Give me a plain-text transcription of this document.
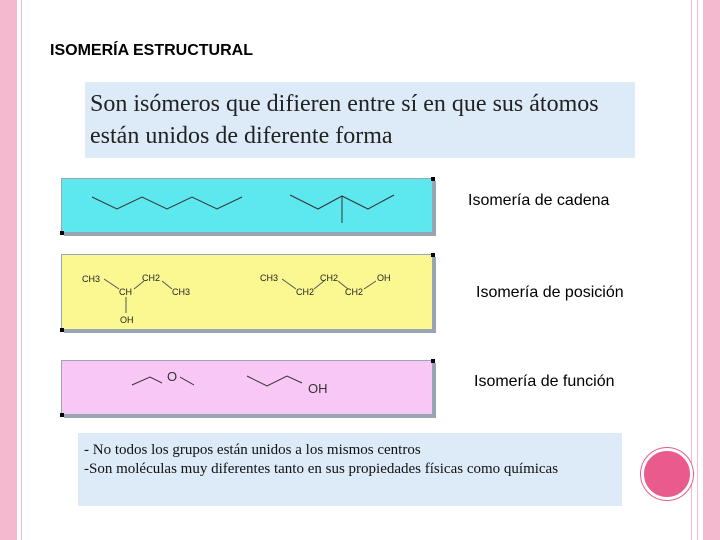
ISOMERÍA ESTRUCTURAL
Son isómeros que difieren entre sí en que sus átomos están unidos de diferente forma
Isomería de cadena
CH3
CH
CH2
CH3
OH
CH3
CH2
CH2
CH2
OH
Isomería de posición
O
OH	Isomería de función
- No todos los grupos están unidos a los mismos centros
-Son moléculas muy diferentes tanto en sus propiedades físicas como químicas
